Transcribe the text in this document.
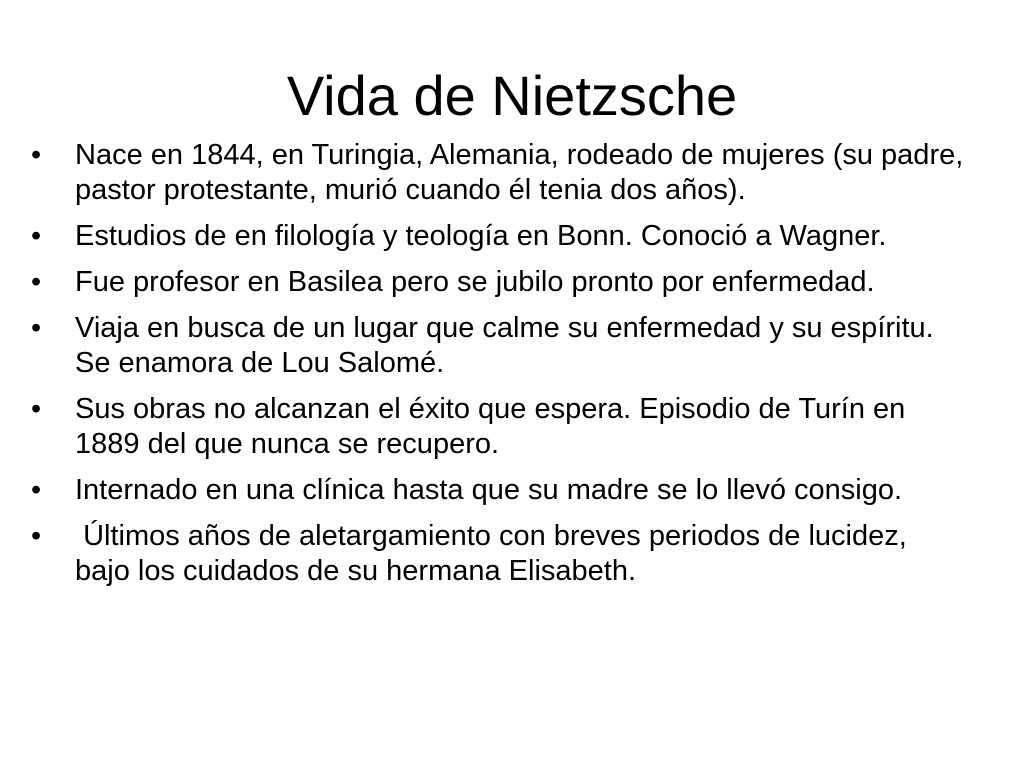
Vida de Nietzsche
•	Nace en 1844, en Turingia, Alemania, rodeado de mujeres (su padre, pastor protestante, murió cuando él tenia dos años).
•	Estudios de en filología y teología en Bonn. Conoció a Wagner.
•	Fue profesor en Basilea pero se jubilo pronto por enfermedad.
•	Viaja en busca de un lugar que calme su enfermedad y su espíritu. Se enamora de Lou Salomé.
•	Sus obras no alcanzan el éxito que espera. Episodio de Turín en 1889 del que nunca se recupero.
•	Internado en una clínica hasta que su madre se lo llevó consigo.
•	Últimos años de aletargamiento con breves periodos de lucidez, bajo los cuidados de su hermana Elisabeth.
